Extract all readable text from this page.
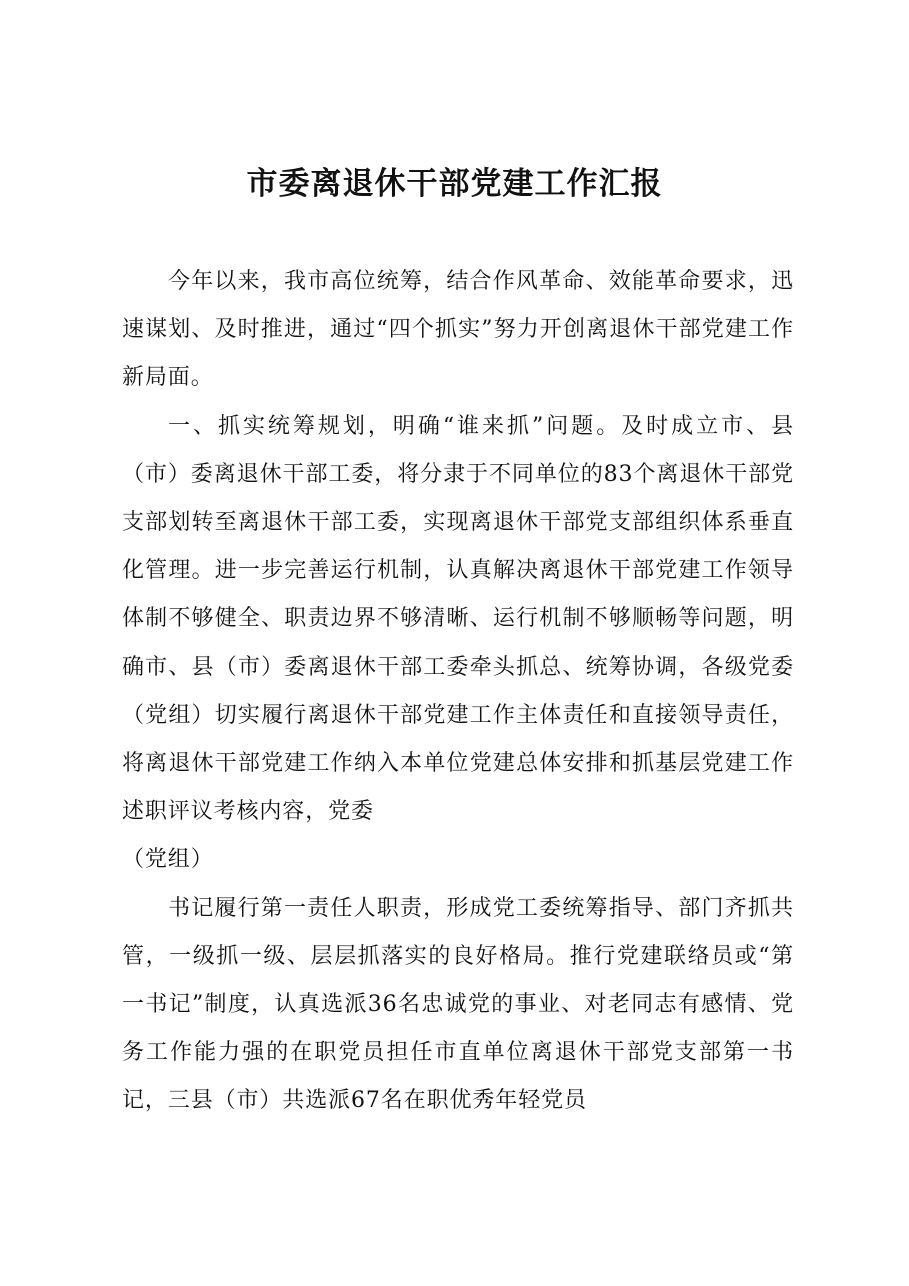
市委离退休干部党建工作汇报

今年以来，我市高位统筹，结合作风革命、效能革命要求，迅速谋划、及时推进，通过“四个抓实”努力开创离退休干部党建工作新局面。

一、抓实统筹规划，明确“谁来抓”问题。及时成立市、县（市）委离退休干部工委，将分隶于不同单位的83个离退休干部党支部划转至离退休干部工委，实现离退休干部党支部组织体系垂直化管理。进一步完善运行机制，认真解决离退休干部党建工作领导体制不够健全、职责边界不够清晰、运行机制不够顺畅等问题，明确市、县（市）委离退休干部工委牵头抓总、统筹协调，各级党委（党组）切实履行离退休干部党建工作主体责任和直接领导责任，将离退休干部党建工作纳入本单位党建总体安排和抓基层党建工作述职评议考核内容，党委

（党组）

书记履行第一责任人职责，形成党工委统筹指导、部门齐抓共管，一级抓一级、层层抓落实的良好格局。推行党建联络员或“第一书记”制度，认真选派36名忠诚党的事业、对老同志有感情、党务工作能力强的在职党员担任市直单位离退休干部党支部第一书记，三县（市）共选派67名在职优秀年轻党员
